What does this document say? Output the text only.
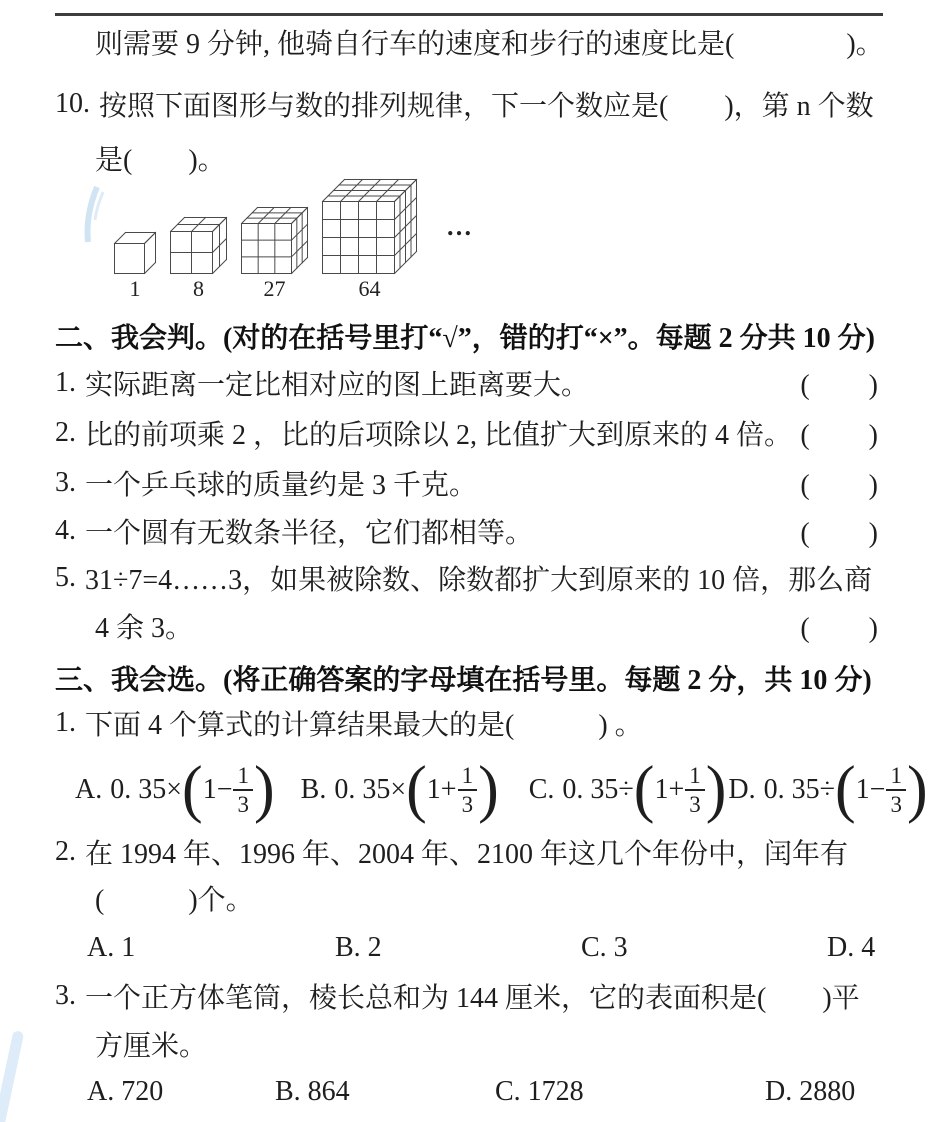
则需要 9 分钟, 他骑自行车的速度和步行的速度比是(　　　　)。
10. 按照下面图形与数的排列规律，下一个数应是(　　)，第 n 个数
是(　　)。
1 8	27	64
…
二、我会判。(对的在括号里打“√”，错的打“×”。每题 2 分共 10 分)
1. 实际距离一定比相对应的图上距离要大。	(　　)
2. 比的前项乘 2 ，比的后项除以 2, 比值扩大到原来的 4 倍。 (　　)
3. 一个乒乓球的质量约是 3 千克。	(　　)
4. 一个圆有无数条半径，它们都相等。	(　　)
5. 31÷7=4……3，如果被除数、除数都扩大到原来的 10 倍，那么商
4 余 3。	(　　)
三、我会选。(将正确答案的字母填在括号里。每题 2 分，共 10 分)
1. 下面 4 个算式的计算结果最大的是(　　　) 。
A. 0. 35 × ( $1- \frac{1}{3}$ ) B. 0. 35 × ( $1+ \frac{1}{3}$ ) C. 0. 35 ÷ ( $1+ \frac{1}{3}$ ) D. 0. 35 ÷ ( $1- \frac{1}{3}$ )
2. 在 1994 年、1996 年、2004 年、2100 年这几个年份中，闰年有
(　　　)个。
A. 1	B. 2	C. 3	D. 4
3. 一个正方体笔筒，棱长总和为 144 厘米，它的表面积是(　　)平
方厘米。
A. 720	B. 864	C. 1728	D. 2880
